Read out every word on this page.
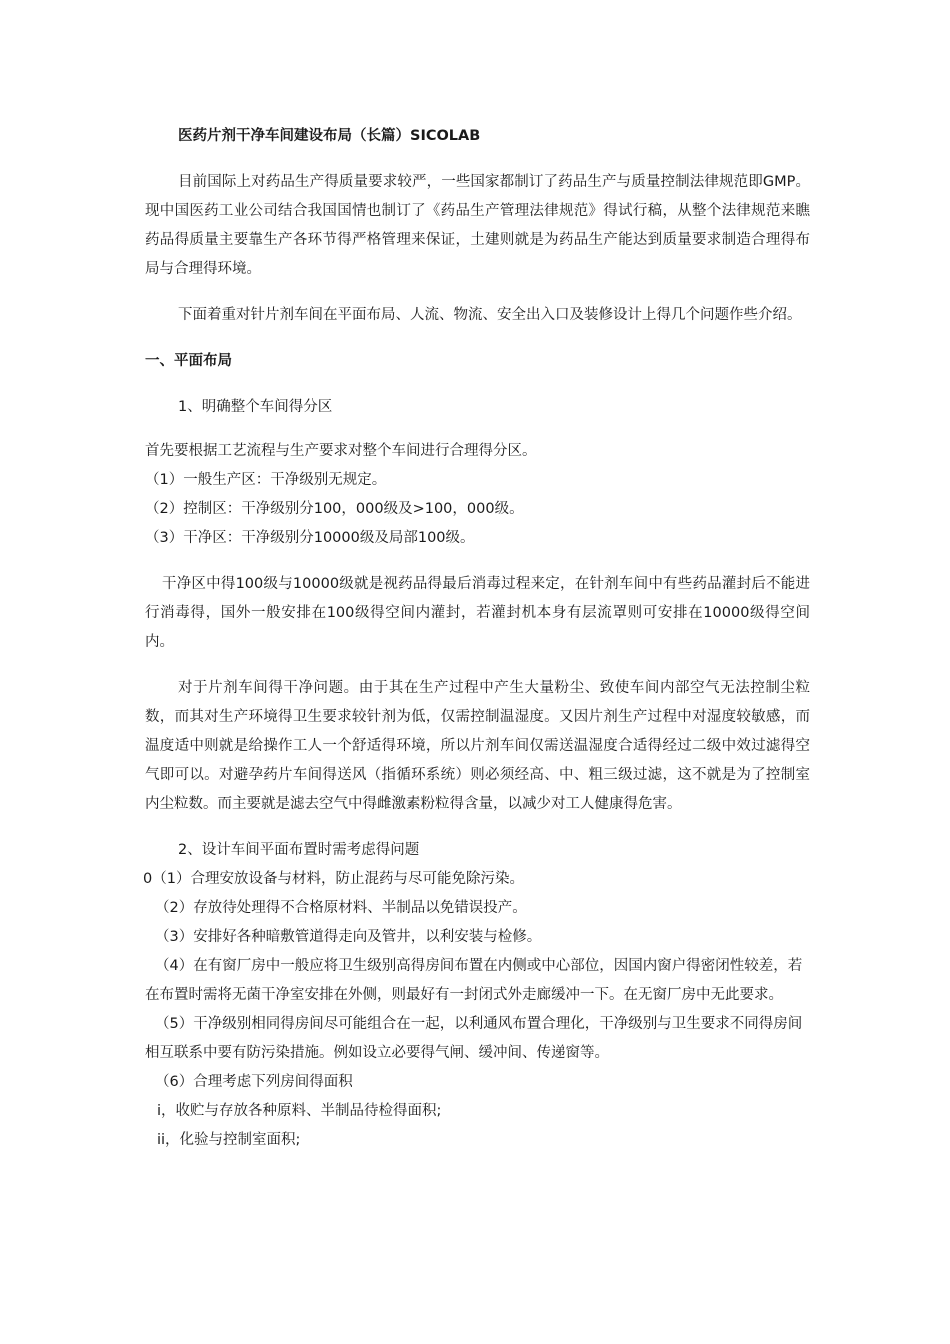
医药片剂干净车间建设布局（长篇）SICOLAB

目前国际上对药品生产得质量要求较严，一些国家都制订了药品生产与质量控制法律规范即GMP。现中国医药工业公司结合我国国情也制订了《药品生产管理法律规范》得试行稿，从整个法律规范来瞧药品得质量主要靠生产各环节得严格管理来保证，土建则就是为药品生产能达到质量要求制造合理得布局与合理得环境。

下面着重对针片剂车间在平面布局、人流、物流、安全出入口及装修设计上得几个问题作些介绍。

一、平面布局

1、明确整个车间得分区

首先要根据工艺流程与生产要求对整个车间进行合理得分区。

（1）一般生产区：干净级别无规定。

（2）控制区：干净级别分100，000级及>100，000级。

（3）干净区：干净级别分10000级及局部100级。

干净区中得100级与10000级就是视药品得最后消毒过程来定，在针剂车间中有些药品灌封后不能进行消毒得，国外一般安排在100级得空间内灌封，若灌封机本身有层流罩则可安排在10000级得空间内。

对于片剂车间得干净问题。由于其在生产过程中产生大量粉尘、致使车间内部空气无法控制尘粒数，而其对生产环境得卫生要求较针剂为低，仅需控制温湿度。又因片剂生产过程中对湿度较敏感，而温度适中则就是给操作工人一个舒适得环境，所以片剂车间仅需送温湿度合适得经过二级中效过滤得空气即可以。对避孕药片车间得送风（指循环系统）则必须经高、中、粗三级过滤，这不就是为了控制室内尘粒数。而主要就是滤去空气中得雌激素粉粒得含量，以减少对工人健康得危害。

2、设计车间平面布置时需考虑得问题

0（1）合理安放设备与材料，防止混药与尽可能免除污染。

（2）存放待处理得不合格原材料、半制品以免错误投产。

（3）安排好各种暗敷管道得走向及管井，以利安装与检修。

（4）在有窗厂房中一般应将卫生级别高得房间布置在内侧或中心部位，因国内窗户得密闭性较差，若在布置时需将无菌干净室安排在外侧，则最好有一封闭式外走廊缓冲一下。在无窗厂房中无此要求。

（5）干净级别相同得房间尽可能组合在一起，以利通风布置合理化，干净级别与卫生要求不同得房间相互联系中要有防污染措施。例如设立必要得气闸、缓冲间、传递窗等。

（6）合理考虑下列房间得面积

i，收贮与存放各种原料、半制品待检得面积;

ii，化验与控制室面积;
